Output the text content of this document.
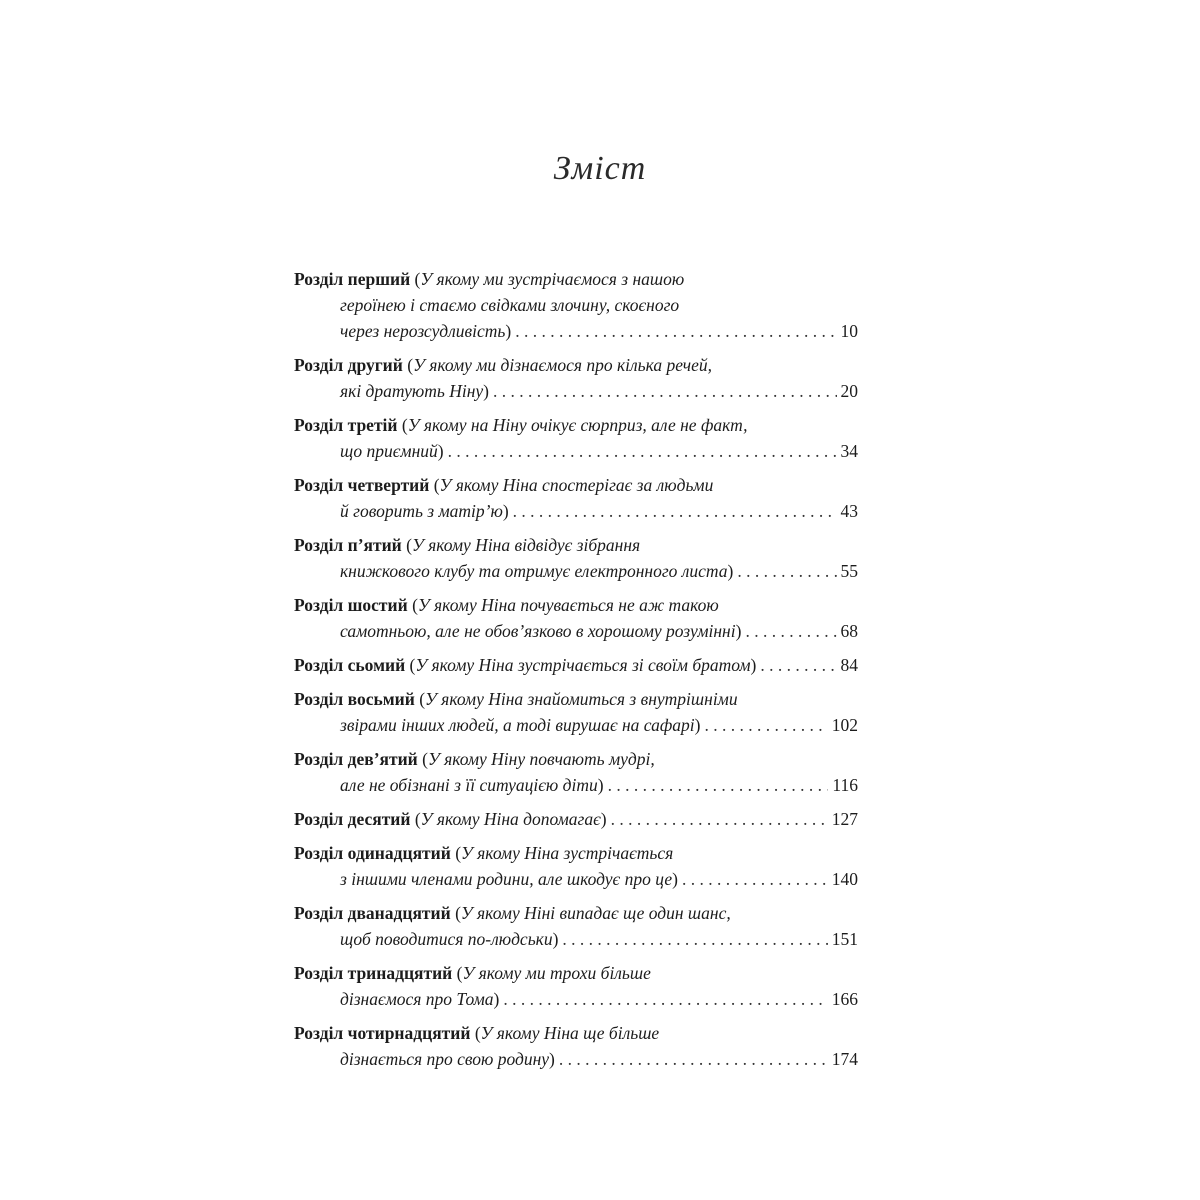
Зміст
Розділ перший (У якому ми зустрічаємося з нашою
героїнею і стаємо свідками злочину, скоєного
через нерозсудливість) . . .	10
Розділ другий (У якому ми дізнаємося про кілька речей,
які дратують Ніну) . . .	20
Розділ третій (У якому на Ніну очікує сюрприз, але не факт,
що приємний) . . .	34
Розділ четвертий (У якому Ніна спостерігає за людьми
й говорить з матір’ю) . . .	43
Розділ п’ятий (У якому Ніна відвідує зібрання
книжкового клубу та отримує електронного листа) . . .	55
Розділ шостий (У якому Ніна почувається не аж такою
самотньою, але не обов’язково в хорошому розумінні) . . .	68
Розділ сьомий (У якому Ніна зустрічається зі своїм братом) . . .	84
Розділ восьмий (У якому Ніна знайомиться з внутрішніми
звірами інших людей, а тоді вирушає на сафарі) . . .	102
Розділ дев’ятий (У якому Ніну повчають мудрі,
але не обізнані з її ситуацією діти) . . .	116
Розділ десятий (У якому Ніна допомагає) . . .	127
Розділ одинадцятий (У якому Ніна зустрічається
з іншими членами родини, але шкодує про це) . . .	140
Розділ дванадцятий (У якому Ніні випадає ще один шанс,
щоб поводитися по-людськи) . . .	151
Розділ тринадцятий (У якому ми трохи більше
дізнаємося про Тома) . . .	166
Розділ чотирнадцятий (У якому Ніна ще більше
дізнається про свою родину) . . .	174
